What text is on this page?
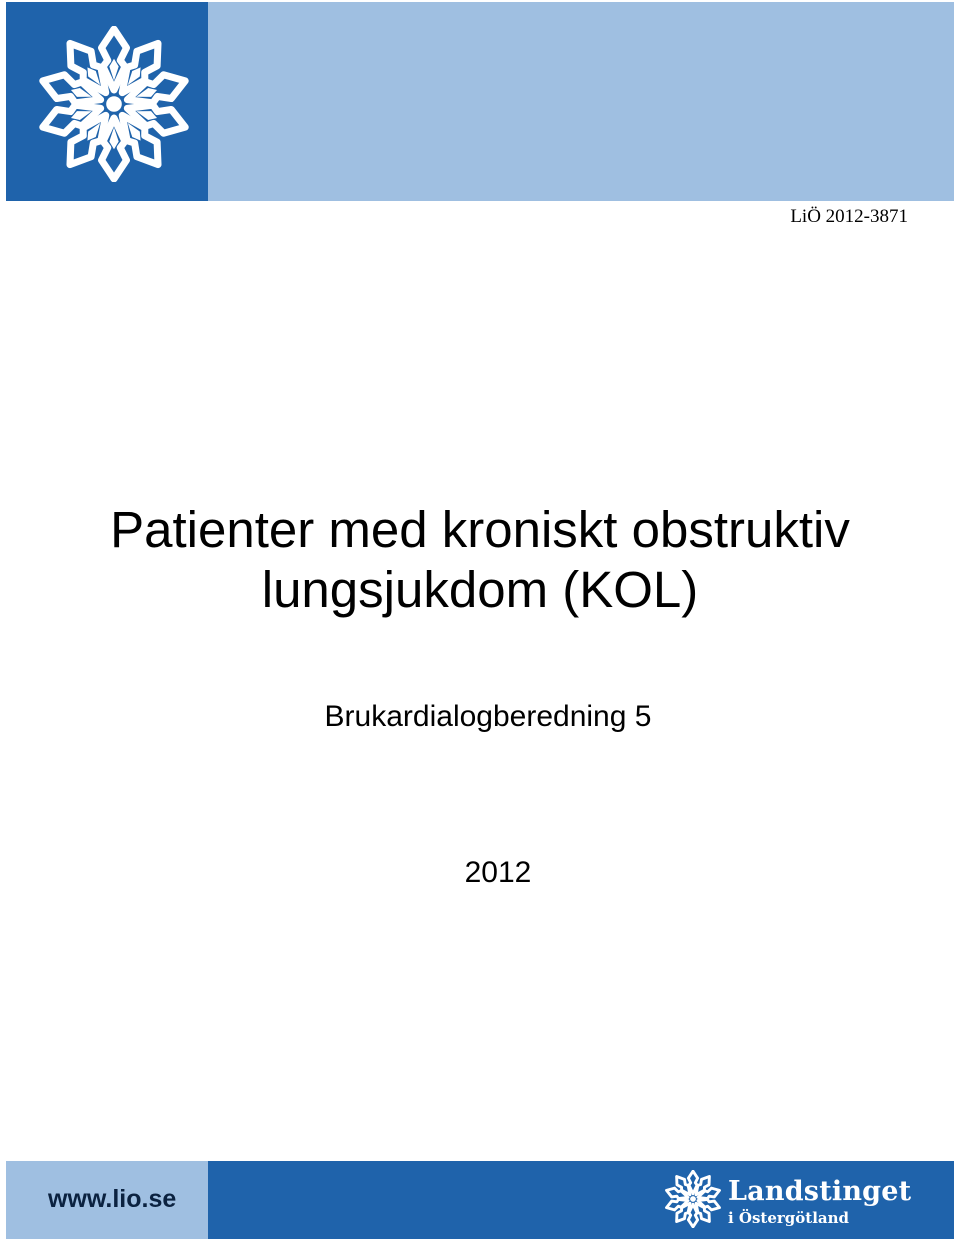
LiÖ 2012-3871
Patienter med kroniskt obstruktiv
lungsjukdom (KOL)
Brukardialogberedning 5
2012
www.lio.se	Landstinget
i Östergötland
